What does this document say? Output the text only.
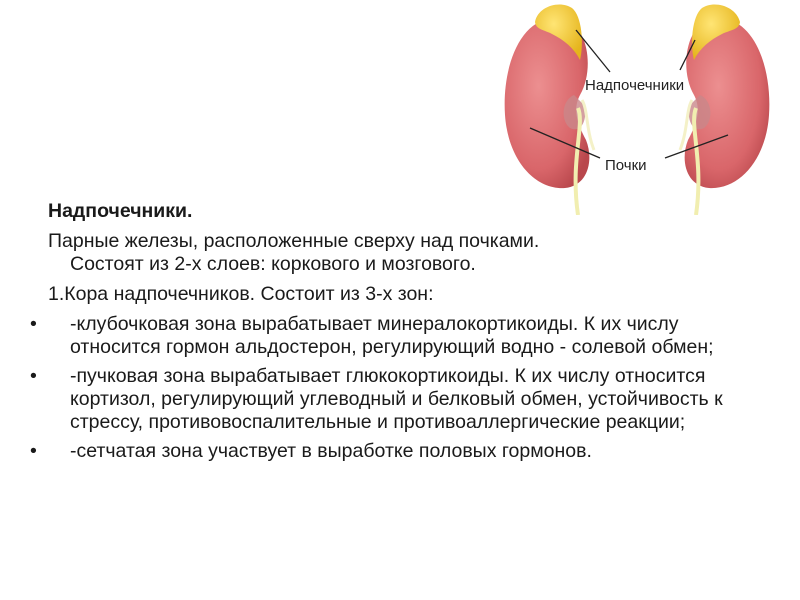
Надпочечники
Почки
Надпочечники.
Парные железы, расположенные сверху над почками.
Состоят из 2-х слоев: коркового и мозгового.
1.Кора надпочечников. Состоит из 3-х зон:
• -клубочковая зона вырабатывает минералокортикоиды. К их числу относится гормон альдостерон, регулирующий водно - солевой обмен;
• -пучковая зона вырабатывает глюкокортикоиды. К их числу относится кортизол, регулирующий углеводный и белковый обмен, устойчивость к стрессу, противовоспалительные и противоаллергические реакции;
• -сетчатая зона участвует в выработке половых гормонов.
